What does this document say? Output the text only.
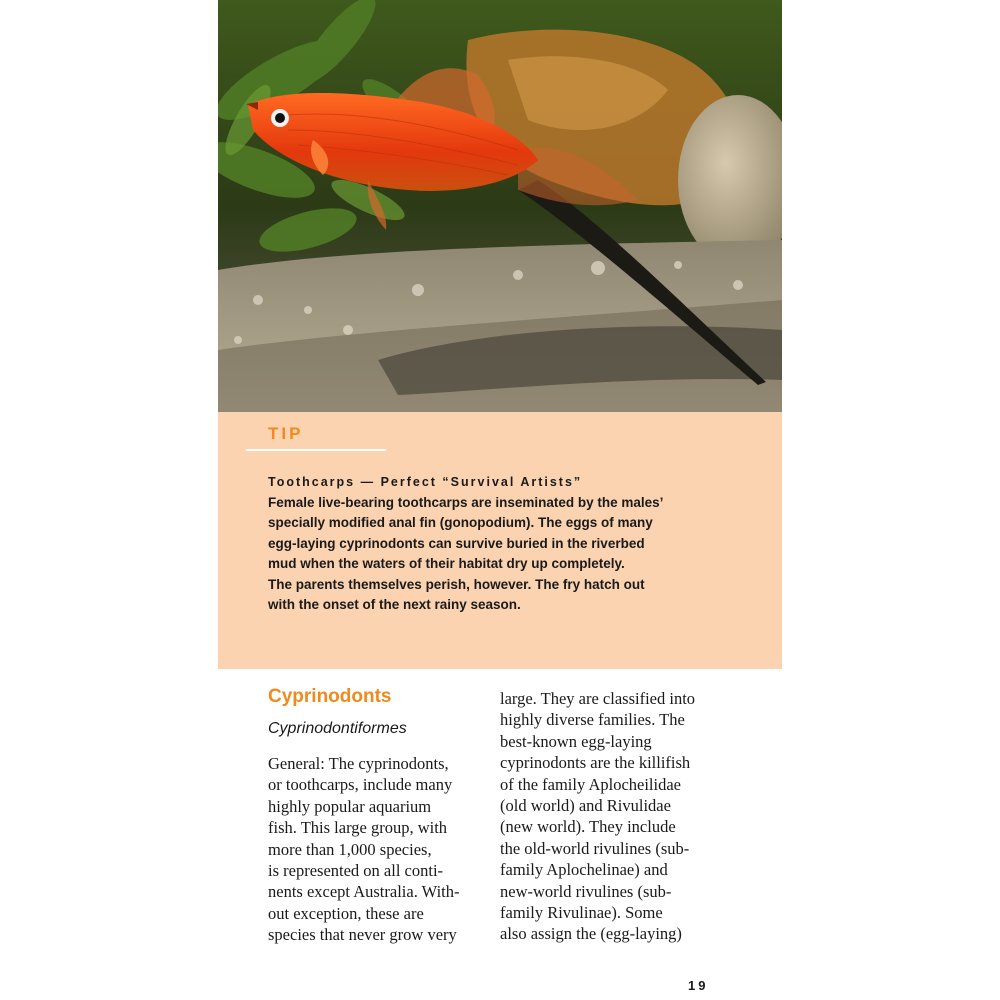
TIP
Toothcarps — Perfect “Survival Artists”
Female live-bearing toothcarps are inseminated by the males’
specially modified anal fin (gonopodium). The eggs of many
egg-laying cyprinodonts can survive buried in the riverbed
mud when the waters of their habitat dry up completely.
The parents themselves perish, however. The fry hatch out
with the onset of the next rainy season.
Cyprinodonts
Cyprinodontiformes
General: The cyprinodonts,
or toothcarps, include many
highly popular aquarium
fish. This large group, with
more than 1,000 species,
is represented on all conti-
nents except Australia. With-
out exception, these are
species that never grow very
large. They are classified into
highly diverse families. The
best-known egg-laying
cyprinodonts are the killifish
of the family Aplocheilidae
(old world) and Rivulidae
(new world). They include
the old-world rivulines (sub-
family Aplochelinae) and
new-world rivulines (sub-
family Rivulinae). Some
also assign the (egg-laying)
19
